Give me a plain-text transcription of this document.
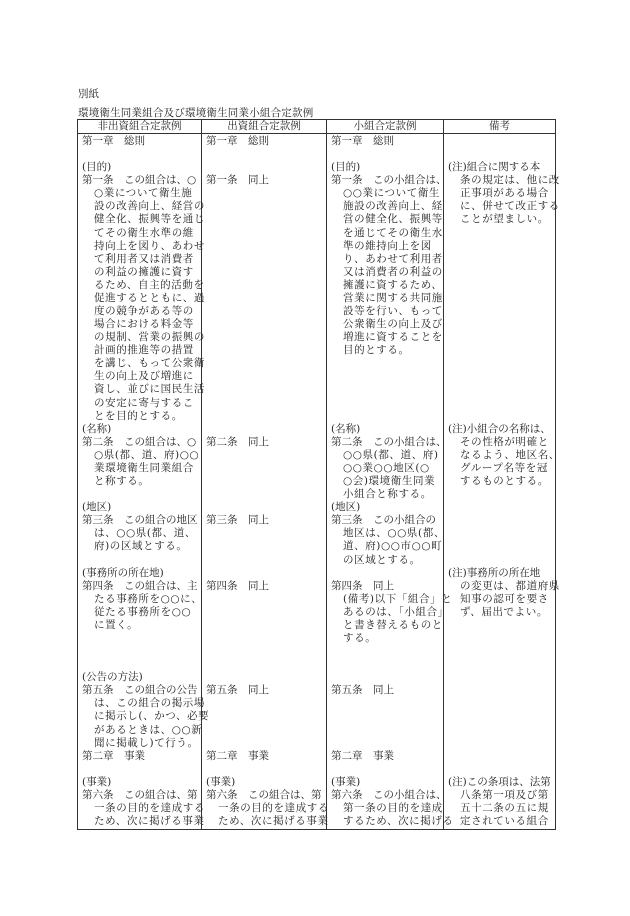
別紙
環境衛生同業組合及び環境衛生同業小組合定款例
非出資組合定款例
第一章　総則
(目的)
第一条　この組合は、○
○業について衛生施
設の改善向上、経営の
健全化、振興等を通じ
てその衛生水準の維
持向上を図り、あわせ
て利用者又は消費者
の利益の擁護に資す
るため、自主的活動を
促進するとともに、過
度の競争がある等の
場合における料金等
の規制、営業の振興の
計画的推進等の措置
を講じ、もって公衆衛
生の向上及び増進に
資し、並びに国民生活
の安定に寄与するこ
とを目的とする。
(名称)
第二条　この組合は、○
○県(都、道、府)○○
業環境衛生同業組合
と称する。
(地区)
第三条　この組合の地区
は、○○県(都、道、
府)の区域とする。
(事務所の所在地)
第四条　この組合は、主
たる事務所を○○に、
従たる事務所を○○
に置く。
(公告の方法)
第五条　この組合の公告
は、この組合の掲示場
に掲示し(、かつ、必要
があるときは、○○新
聞に掲載し)て行う。
第二章　事業
(事業)
第六条　この組合は、第
一条の目的を達成する
ため、次に掲げる事業
出資組合定款例
第一章　総則
第一条　同上
第二条　同上
第三条　同上
第四条　同上
第五条　同上
第二章　事業
(事業)
第六条　この組合は、第
一条の目的を達成する
ため、次に掲げる事業
小組合定款例
第一章　総則
(目的)
第一条　この小組合は、
○○業について衛生
施設の改善向上、経
営の健全化、振興等
を通じてその衛生水
準の維持向上を図
り、あわせて利用者
又は消費者の利益の
擁護に資するため、
営業に関する共同施
設等を行い、もって
公衆衛生の向上及び
増進に資することを
目的とする。
(名称)
第二条　この小組合は、
○○県(都、道、府)
○○業○○地区(○
○会)環境衛生同業
小組合と称する。
(地区)
第三条　この小組合の
地区は、○○県(都、
道、府)○○市○○町
の区域とする。
第四条　同上
(備考)以下「組合」と
あるのは、「小組合」
と書き替えるものと
する。
第五条　同上
第二章　事業
(事業)
第六条　この小組合は、
第一条の目的を達成
するため、次に掲げる
備考
(注)組合に関する本
条の規定は、他に改
正事項がある場合
に、併せて改正する
ことが望ましい。
(注)小組合の名称は、
その性格が明確と
なるよう、地区名、
グループ名等を冠
するものとする。
(注)事務所の所在地
の変更は、都道府県
知事の認可を要さ
ず、届出でよい。
(注)この条項は、法第
八条第一項及び第
五十二条の五に規
定されている組合
